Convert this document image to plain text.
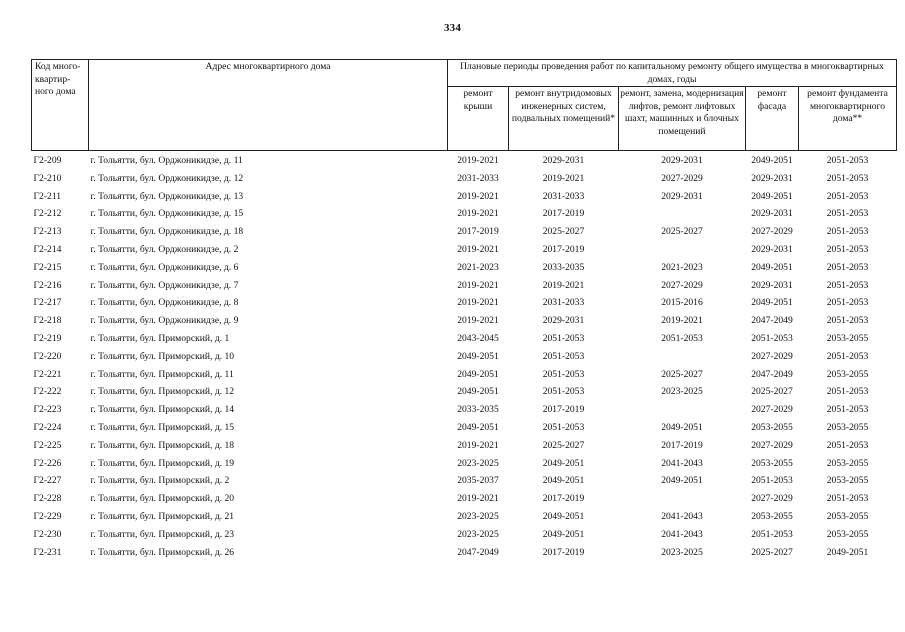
334
Код много-квартир-ного дома	Адрес многоквартирного дома	Плановые периоды проведения работ по капитальному ремонту общего имущества в многоквартирных домах, годы				
		ремонт крыши	ремонт внутридомовых инженерных систем, подвальных помещений*	ремонт, замена, модернизация лифтов, ремонт лифтовых шахт, машинных и блочных помещений	ремонт фасада	ремонт фундамента многоквартирного дома**
Г2-209	г. Тольятти, бул. Орджоникидзе, д. 11	2019-2021	2029-2031	2029-2031	2049-2051	2051-2053
Г2-210	г. Тольятти, бул. Орджоникидзе, д. 12	2031-2033	2019-2021	2027-2029	2029-2031	2051-2053
Г2-211	г. Тольятти, бул. Орджоникидзе, д. 13	2019-2021	2031-2033	2029-2031	2049-2051	2051-2053
Г2-212	г. Тольятти, бул. Орджоникидзе, д. 15	2019-2021	2017-2019		2029-2031	2051-2053
Г2-213	г. Тольятти, бул. Орджоникидзе, д. 18	2017-2019	2025-2027	2025-2027	2027-2029	2051-2053
Г2-214	г. Тольятти, бул. Орджоникидзе, д. 2	2019-2021	2017-2019		2029-2031	2051-2053
Г2-215	г. Тольятти, бул. Орджоникидзе, д. 6	2021-2023	2033-2035	2021-2023	2049-2051	2051-2053
Г2-216	г. Тольятти, бул. Орджоникидзе, д. 7	2019-2021	2019-2021	2027-2029	2029-2031	2051-2053
Г2-217	г. Тольятти, бул. Орджоникидзе, д. 8	2019-2021	2031-2033	2015-2016	2049-2051	2051-2053
Г2-218	г. Тольятти, бул. Орджоникидзе, д. 9	2019-2021	2029-2031	2019-2021	2047-2049	2051-2053
Г2-219	г. Тольятти, бул. Приморский, д. 1	2043-2045	2051-2053	2051-2053	2051-2053	2053-2055
Г2-220	г. Тольятти, бул. Приморский, д. 10	2049-2051	2051-2053		2027-2029	2051-2053
Г2-221	г. Тольятти, бул. Приморский, д. 11	2049-2051	2051-2053	2025-2027	2047-2049	2053-2055
Г2-222	г. Тольятти, бул. Приморский, д. 12	2049-2051	2051-2053	2023-2025	2025-2027	2051-2053
Г2-223	г. Тольятти, бул. Приморский, д. 14	2033-2035	2017-2019		2027-2029	2051-2053
Г2-224	г. Тольятти, бул. Приморский, д. 15	2049-2051	2051-2053	2049-2051	2053-2055	2053-2055
Г2-225	г. Тольятти, бул. Приморский, д. 18	2019-2021	2025-2027	2017-2019	2027-2029	2051-2053
Г2-226	г. Тольятти, бул. Приморский, д. 19	2023-2025	2049-2051	2041-2043	2053-2055	2053-2055
Г2-227	г. Тольятти, бул. Приморский, д. 2	2035-2037	2049-2051	2049-2051	2051-2053	2053-2055
Г2-228	г. Тольятти, бул. Приморский, д. 20	2019-2021	2017-2019		2027-2029	2051-2053
Г2-229	г. Тольятти, бул. Приморский, д. 21	2023-2025	2049-2051	2041-2043	2053-2055	2053-2055
Г2-230	г. Тольятти, бул. Приморский, д. 23	2023-2025	2049-2051	2041-2043	2051-2053	2053-2055
Г2-231	г. Тольятти, бул. Приморский, д. 26	2047-2049	2017-2019	2023-2025	2025-2027	2049-2051
